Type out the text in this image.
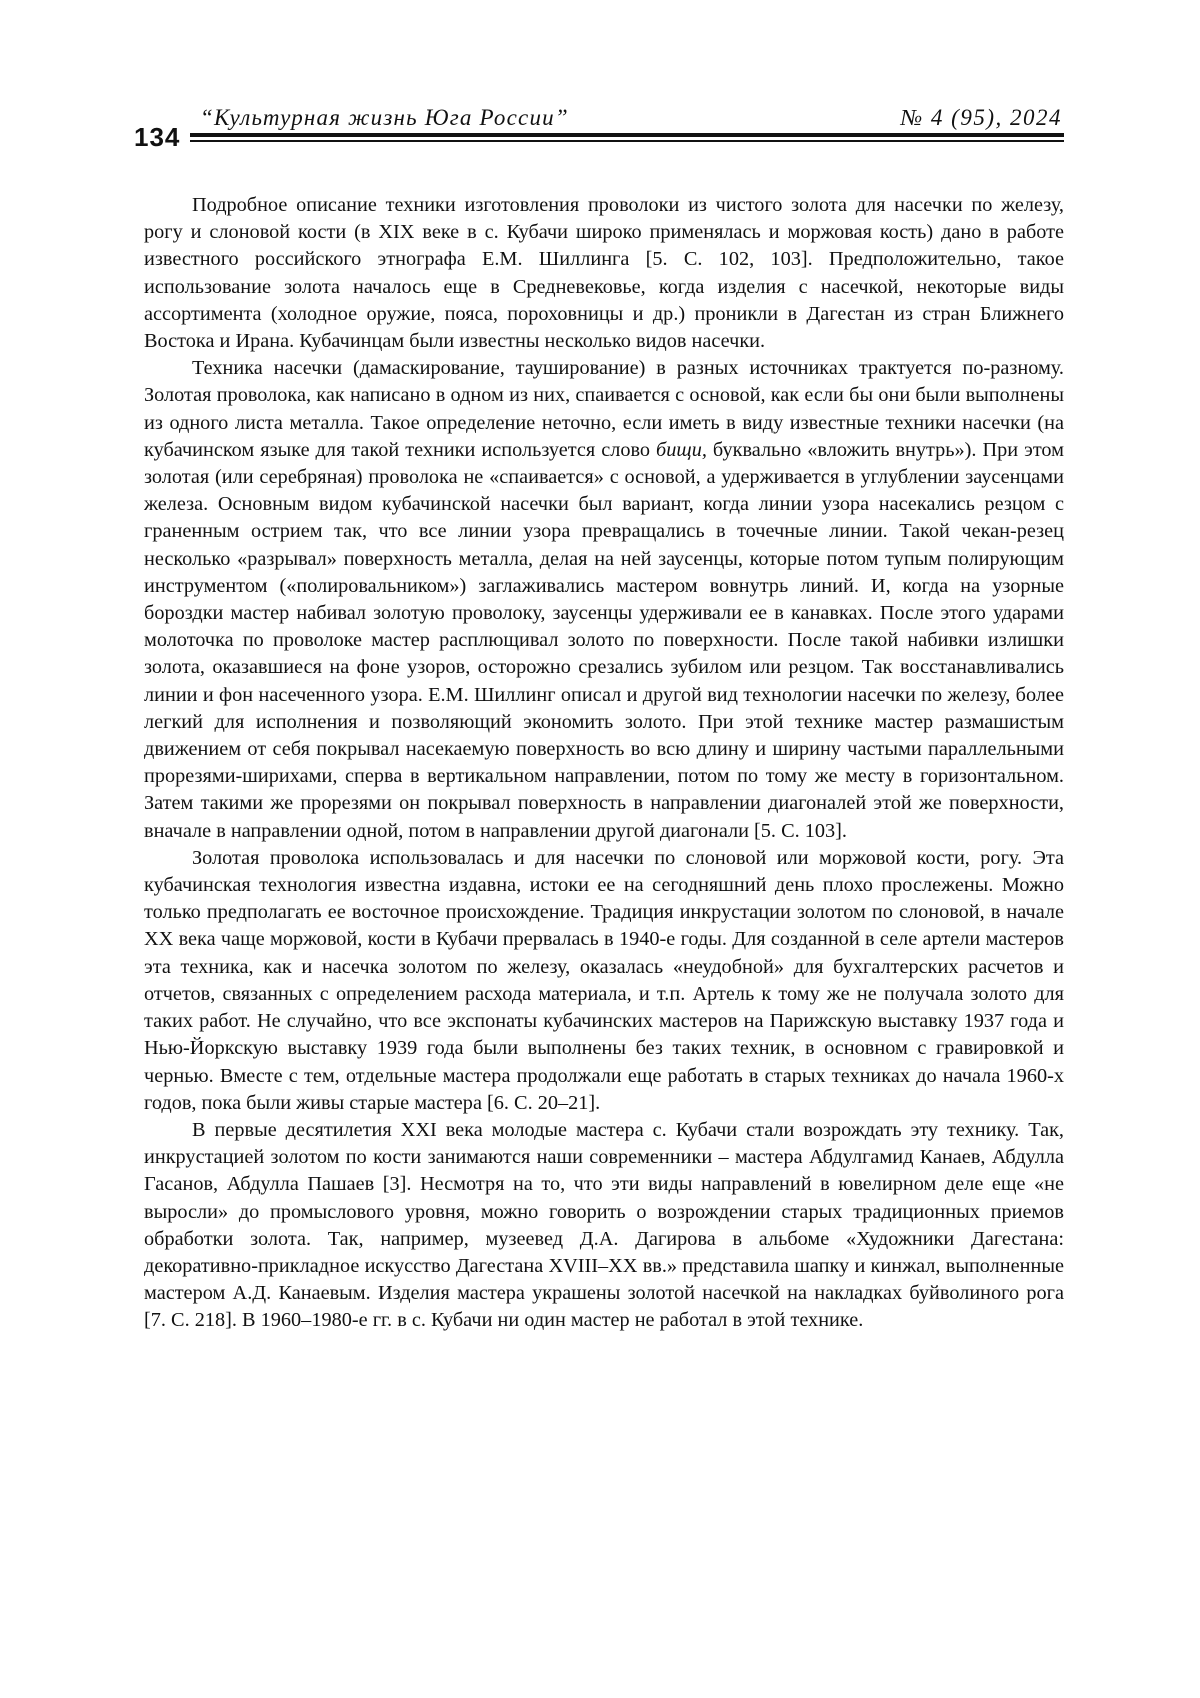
134
“Культурная жизнь Юга России”	№ 4 (95), 2024

Подробное описание техники изготовления проволоки из чистого золота для насечки по железу, рогу и слоновой кости (в XIX веке в с. Кубачи широко применялась и моржовая кость) дано в работе известного российского этнографа Е.М. Шиллинга [5. С. 102, 103]. Предположительно, такое использование золота началось еще в Средневековье, когда изделия с насечкой, некоторые виды ассортимента (холодное оружие, пояса, пороховницы и др.) проникли в Дагестан из стран Ближнего Востока и Ирана. Кубачинцам были известны несколько видов насечки.

Техника насечки (дамаскирование, тауширование) в разных источниках трактуется по-разному. Золотая проволока, как написано в одном из них, спаивается с основой, как если бы они были выполнены из одного листа металла. Такое определение неточно, если иметь в виду известные техники насечки (на кубачинском языке для такой техники используется слово бищи, буквально «вложить внутрь»). При этом золотая (или серебряная) проволока не «спаивается» с основой, а удерживается в углублении заусенцами железа. Основным видом кубачинской насечки был вариант, когда линии узора насекались резцом с граненным острием так, что все линии узора превращались в точечные линии. Такой чекан-резец несколько «разрывал» поверхность металла, делая на ней заусенцы, которые потом тупым полирующим инструментом («полировальником») заглаживались мастером вовнутрь линий. И, когда на узорные бороздки мастер набивал золотую проволоку, заусенцы удерживали ее в канавках. После этого ударами молоточка по проволоке мастер расплющивал золото по поверхности. После такой набивки излишки золота, оказавшиеся на фоне узоров, осторожно срезались зубилом или резцом. Так восстанавливались линии и фон насеченного узора. Е.М. Шиллинг описал и другой вид технологии насечки по железу, более легкий для исполнения и позволяющий экономить золото. При этой технике мастер размашистым движением от себя покрывал насекаемую поверхность во всю длину и ширину частыми параллельными прорезями-ширихами, сперва в вертикальном направлении, потом по тому же месту в горизонтальном. Затем такими же прорезями он покрывал поверхность в направлении диагоналей этой же поверхности, вначале в направлении одной, потом в направлении другой диагонали [5. С. 103].

Золотая проволока использовалась и для насечки по слоновой или моржовой кости, рогу. Эта кубачинская технология известна издавна, истоки ее на сегодняшний день плохо прослежены. Можно только предполагать ее восточное происхождение. Традиция инкрустации золотом по слоновой, в начале XX века чаще моржовой, кости в Кубачи прервалась в 1940-е годы. Для созданной в селе артели мастеров эта техника, как и насечка золотом по железу, оказалась «неудобной» для бухгалтерских расчетов и отчетов, связанных с определением расхода материала, и т.п. Артель к тому же не получала золото для таких работ. Не случайно, что все экспонаты кубачинских мастеров на Парижскую выставку 1937 года и Нью-Йоркскую выставку 1939 года были выполнены без таких техник, в основном с гравировкой и чернью. Вместе с тем, отдельные мастера продолжали еще работать в старых техниках до начала 1960-х годов, пока были живы старые мастера [6. С. 20–21].

В первые десятилетия XXI века молодые мастера с. Кубачи стали возрождать эту технику. Так, инкрустацией золотом по кости занимаются наши современники – мастера Абдулгамид Канаев, Абдулла Гасанов, Абдулла Пашаев [3]. Несмотря на то, что эти виды направлений в ювелирном деле еще «не выросли» до промыслового уровня, можно говорить о возрождении старых традиционных приемов обработки золота. Так, например, музеевед Д.А. Дагирова в альбоме «Художники Дагестана: декоративно-прикладное искусство Дагестана XVIII–XX вв.» представила шапку и кинжал, выполненные мастером А.Д. Канаевым. Изделия мастера украшены золотой насечкой на накладках буйволиного рога [7. С. 218]. В 1960–1980-е гг. в с. Кубачи ни один мастер не работал в этой технике.
